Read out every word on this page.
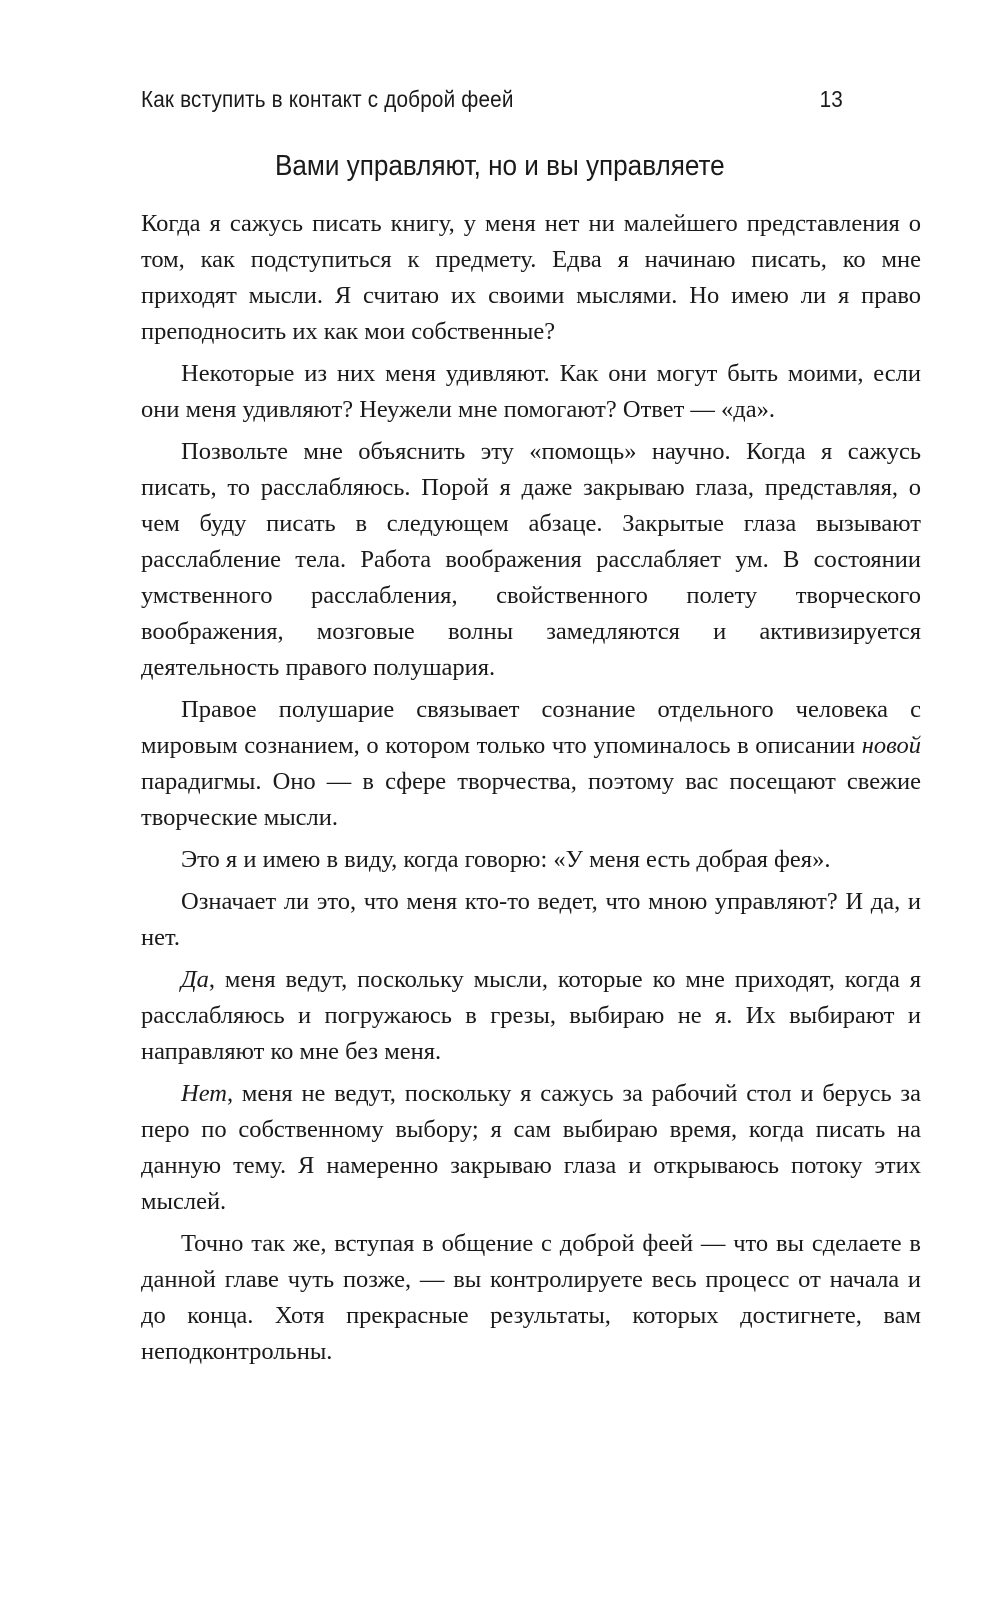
Как вступить в контакт с доброй феей	13
Вами управляют, но и вы управляете

Когда я сажусь писать книгу, у меня нет ни малейшего представления о том, как подступиться к предмету. Едва я начинаю писать, ко мне приходят мысли. Я считаю их своими мыслями. Но имею ли я право преподносить их как мои собственные?

Некоторые из них меня удивляют. Как они могут быть моими, если они меня удивляют? Неужели мне помогают? Ответ — «да».

Позвольте мне объяснить эту «помощь» научно. Когда я сажусь писать, то расслабляюсь. Порой я даже закрываю глаза, представляя, о чем буду писать в следующем абзаце. Закрытые глаза вызывают расслабление тела. Работа воображения расслабляет ум. В состоянии умственного расслабления, свойственного полету творческого воображения, мозговые волны замедляются и активизируется деятельность правого полушария.

Правое полушарие связывает сознание отдельного человека с мировым сознанием, о котором только что упоминалось в описании новой парадигмы. Оно — в сфере творчества, поэтому вас посещают свежие творческие мысли.

Это я и имею в виду, когда говорю: «У меня есть добрая фея».

Означает ли это, что меня кто-то ведет, что мною управляют? И да, и нет.

Да, меня ведут, поскольку мысли, которые ко мне приходят, когда я расслабляюсь и погружаюсь в грезы, выбираю не я. Их выбирают и направляют ко мне без меня.

Нет, меня не ведут, поскольку я сажусь за рабочий стол и берусь за перо по собственному выбору; я сам выбираю время, когда писать на данную тему. Я намеренно закрываю глаза и открываюсь потоку этих мыслей.

Точно так же, вступая в общение с доброй феей — что вы сделаете в данной главе чуть позже, — вы контролируете весь процесс от начала и до конца. Хотя прекрасные результаты, которых достигнете, вам неподконтрольны.
